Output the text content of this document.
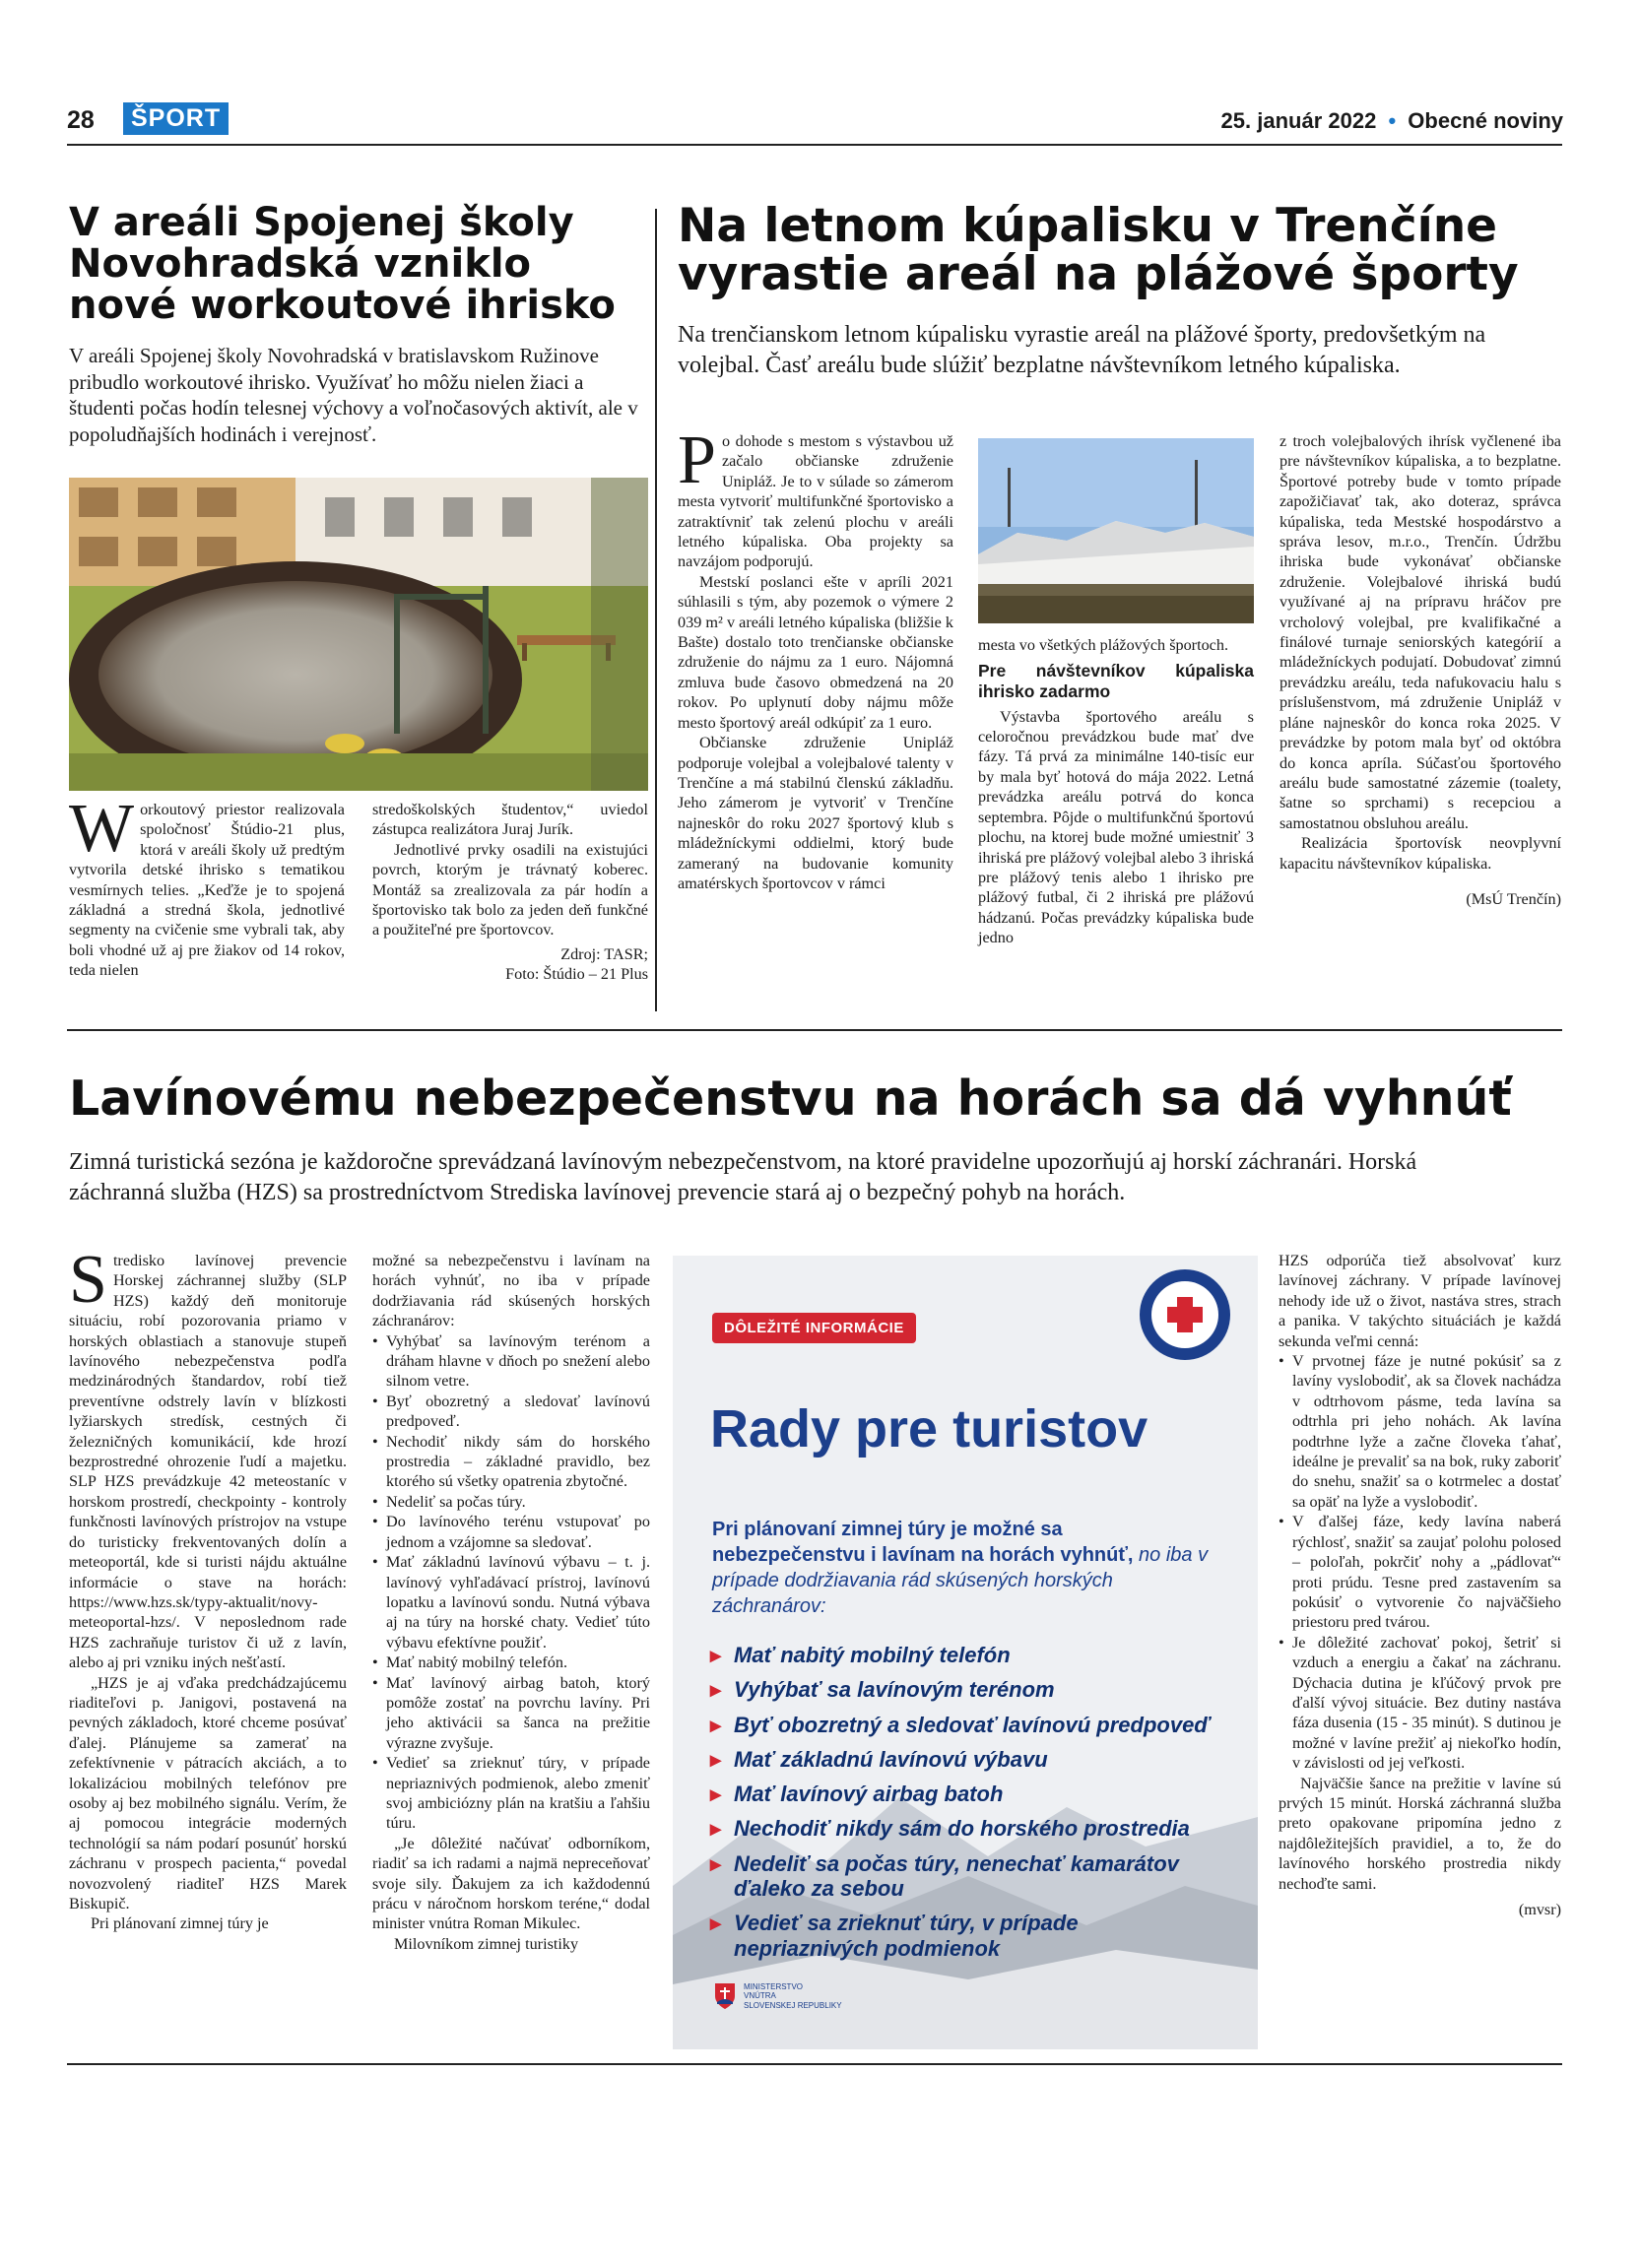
28	ŠPORT	25. január 2022 • Obecné noviny
V areáli Spojenej školy Novohradská vzniklo nové workoutové ihrisko

V areáli Spojenej školy Novohradská v bratislavskom Ružinove pribudlo workoutové ihrisko. Využívať ho môžu nielen žiaci a študenti počas hodín telesnej výchovy a voľnočasových aktivít, ale v popoludňajších hodinách i verejnosť.

Workoutový priestor realizovala spoločnosť Štúdio-21 plus, ktorá v areáli školy už predtým vytvorila detské ihrisko s tematikou vesmírnych telies. „Keďže je to spojená základná a stredná škola, jednotlivé segmenty na cvičenie sme vybrali tak, aby boli vhodné už aj pre žiakov od 14 rokov, teda nielen

stredoškolských študentov,“ uviedol zástupca realizátora Juraj Jurík.

Jednotlivé prvky osadili na existujúci povrch, ktorým je trávnatý koberec. Montáž sa zrealizovala za pár hodín a športovisko tak bolo za jeden deň funkčné a použiteľné pre športovcov.

Zdroj: TASR;

Foto: Štúdio – 21 Plus

Na letnom kúpalisku v Trenčíne vyrastie areál na plážové športy

Na trenčianskom letnom kúpalisku vyrastie areál na plážové športy, predovšetkým na volejbal. Časť areálu bude slúžiť bezplatne návštevníkom letného kúpaliska.

Po dohode s mestom s výstavbou už začalo občianske združenie Unipláž. Je to v súlade so zámerom mesta vytvoriť multifunkčné športovisko a zatraktívniť tak zelenú plochu v areáli letného kúpaliska. Oba projekty sa navzájom podporujú.

Mestskí poslanci ešte v apríli 2021 súhlasili s tým, aby pozemok o výmere 2 039 m² v areáli letného kúpaliska (bližšie k Bašte) dostalo toto trenčianske občianske združenie do nájmu za 1 euro. Nájomná zmluva bude časovo obmedzená na 20 rokov. Po uplynutí doby nájmu môže mesto športový areál odkúpiť za 1 euro.

Občianske združenie Unipláž podporuje volejbal a volejbalové talenty v Trenčíne a má stabilnú členskú základňu. Jeho zámerom je vytvoriť v Trenčíne najneskôr do roku 2027 športový klub s mládežníckymi oddielmi, ktorý bude zameraný na budovanie komunity amatérskych športovcov v rámci

mesta vo všetkých plážových športoch.

Pre návštevníkov kúpaliska ihrisko zadarmo

Výstavba športového areálu s celoročnou prevádzkou bude mať dve fázy. Tá prvá za minimálne 140-tisíc eur by mala byť hotová do mája 2022. Letná prevádzka areálu potrvá do konca septembra. Pôjde o multifunkčnú športovú plochu, na ktorej bude možné umiestniť 3 ihriská pre plážový volejbal alebo 3 ihriská pre plážový tenis alebo 1 ihrisko pre plážový futbal, či 2 ihriská pre plážovú hádzanú. Počas prevádzky kúpaliska bude jedno

z troch volejbalových ihrísk vyčlenené iba pre návštevníkov kúpaliska, a to bezplatne. Športové potreby bude v tomto prípade zapožičiavať tak, ako doteraz, správca kúpaliska, teda Mestské hospodárstvo a správa lesov, m.r.o., Trenčín. Údržbu ihriska bude vykonávať občianske združenie. Volejbalové ihriská budú využívané aj na prípravu hráčov pre vrcholový volejbal, pre kvalifikačné a finálové turnaje seniorských kategórií a mládežníckych podujatí. Dobudovať zimnú prevádzku areálu, teda nafukovaciu halu s príslušenstvom, má združenie Unipláž v pláne najneskôr do konca roka 2025. V prevádzke by potom mala byť od októbra do konca apríla. Súčasťou športového areálu bude samostatné zázemie (toalety, šatne so sprchami) s recepciou a samostatnou obsluhou areálu.

Realizácia športovísk neovplyvní kapacitu návštevníkov kúpaliska.

(MsÚ Trenčín)

Lavínovému nebezpečenstvu na horách sa dá vyhnúť

Zimná turistická sezóna je každoročne sprevádzaná lavínovým nebezpečenstvom, na ktoré pravidelne upozorňujú aj horskí záchranári. Horská záchranná služba (HZS) sa prostredníctvom Strediska lavínovej prevencie stará aj o bezpečný pohyb na horách.

Stredisko lavínovej prevencie Horskej záchrannej služby (SLP HZS) každý deň monitoruje situáciu, robí pozorovania priamo v horských oblastiach a stanovuje stupeň lavínového nebezpečenstva podľa medzinárodných štandardov, robí tiež preventívne odstrely lavín v blízkosti lyžiarskych stredísk, cestných či železničných komunikácií, kde hrozí bezprostredné ohrozenie ľudí a majetku. SLP HZS prevádzkuje 42 meteostaníc v horskom prostredí, checkpointy - kontroly funkčnosti lavínových prístrojov na vstupe do turisticky frekventovaných dolín a meteoportál, kde si turisti nájdu aktuálne informácie o stave na horách: https://www.hzs.sk/typy-aktualit/novy-meteoportal-hzs/. V neposlednom rade HZS zachraňuje turistov či už z lavín, alebo aj pri vzniku iných nešťastí.

„HZS je aj vďaka predchádzajúcemu riaditeľovi p. Janigovi, postavená na pevných základoch, ktoré chceme posúvať ďalej. Plánujeme sa zamerať na zefektívnenie v pátracích akciách, a to lokalizáciou mobilných telefónov pre osoby aj bez mobilného signálu. Verím, že aj pomocou integrácie moderných technológií sa nám podarí posunúť horskú záchranu v prospech pacienta,“ povedal novozvolený riaditeľ HZS Marek Biskupič.

Pri plánovaní zimnej túry je

možné sa nebezpečenstvu i lavínam na horách vyhnúť, no iba v prípade dodržiavania rád skúsených horských záchranárov:

• Vyhýbať sa lavínovým terénom a dráham hlavne v dňoch po snežení alebo silnom vetre.
• Byť obozretný a sledovať lavínovú predpoveď.
• Nechodiť nikdy sám do horského prostredia – základné pravidlo, bez ktorého sú všetky opatrenia zbytočné.
• Nedeliť sa počas túry.
• Do lavínového terénu vstupovať po jednom a vzájomne sa sledovať.
• Mať základnú lavínovú výbavu – t. j. lavínový vyhľadávací prístroj, lavínovú lopatku a lavínovú sondu. Nutná výbava aj na túry na horské chaty. Vedieť túto výbavu efektívne použiť.
• Mať nabitý mobilný telefón.
• Mať lavínový airbag batoh, ktorý pomôže zostať na povrchu lavíny. Pri jeho aktivácii sa šanca na prežitie výrazne zvyšuje.
• Vedieť sa zrieknuť túry, v prípade nepriaznivých podmienok, alebo zmeniť svoj ambiciózny plán na kratšiu a ľahšiu túru.

„Je dôležité načúvať odborníkom, riadiť sa ich radami a najmä nepreceňovať svoje sily. Ďakujem za ich každodennú prácu v náročnom horskom teréne,“ dodal minister vnútra Roman Mikulec.

Milovníkom zimnej turistiky

DÔLEŽITÉ INFORMÁCIE
Rady pre turistov
Pri plánovaní zimnej túry je možné sa nebezpečenstvu i lavínam na horách vyhnúť, no iba v prípade dodržiavania rád skúsených horských záchranárov:
▸ Mať nabitý mobilný telefón
▸ Vyhýbať sa lavínovým terénom
▸ Byť obozretný a sledovať lavínovú predpoveď
▸ Mať základnú lavínovú výbavu
▸ Mať lavínový airbag batoh
▸ Nechodiť nikdy sám do horského prostredia
▸ Nedeliť sa počas túry, nenechať kamarátov ďaleko za sebou
▸ Vedieť sa zrieknuť túry, v prípade nepriaznivých podmienok
MINISTERSTVO
VNÚTRA
SLOVENSKEJ REPUBLIKY

HZS odporúča tiež absolvovať kurz lavínovej záchrany. V prípade lavínovej nehody ide už o život, nastáva stres, strach a panika. V takýchto situáciách je každá sekunda veľmi cenná:

• V prvotnej fáze je nutné pokúsiť sa z lavíny vyslobodiť, ak sa človek nachádza v odtrhovom pásme, teda lavína sa odtrhla pri jeho nohách. Ak lavína podtrhne lyže a začne človeka ťahať, ideálne je prevaliť sa na bok, ruky zaboriť do snehu, snažiť sa o kotrmelec a dostať sa opäť na lyže a vyslobodiť.
• V ďalšej fáze, kedy lavína naberá rýchlosť, snažiť sa zaujať polohu polosed – poloľah, pokrčiť nohy a „pádlovať“ proti prúdu. Tesne pred zastavením sa pokúsiť o vytvorenie čo najväčšieho priestoru pred tvárou.
• Je dôležité zachovať pokoj, šetriť si vzduch a energiu a čakať na záchranu. Dýchacia dutina je kľúčový prvok pre ďalší vývoj situácie. Bez dutiny nastáva fáza dusenia (15 - 35 minút). S dutinou je možné v lavíne prežiť aj niekoľko hodín, v závislosti od jej veľkosti.

Najväčšie šance na prežitie v lavíne sú prvých 15 minút. Horská záchranná služba preto opakovane pripomína jedno z najdôležitejších pravidiel, a to, že do lavínového horského prostredia nikdy nechoďte sami.

(mvsr)
